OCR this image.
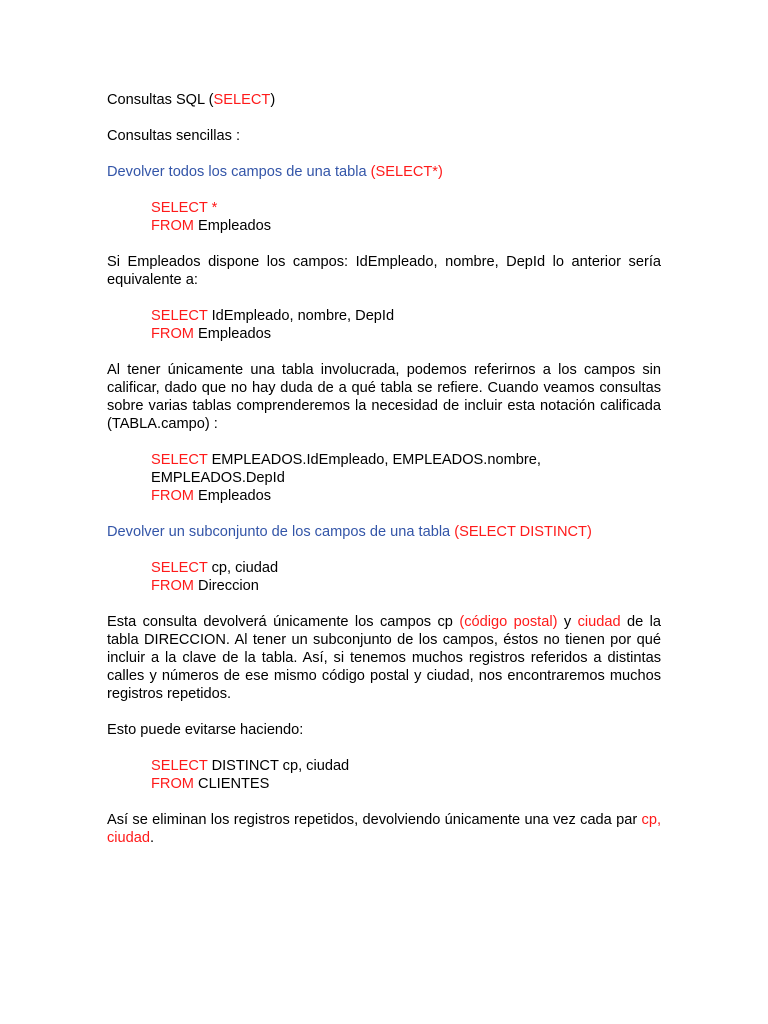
Consultas SQL (SELECT)

Consultas sencillas :

Devolver todos los campos de una tabla (SELECT*)

SELECT *
FROM Empleados

Si Empleados dispone los campos: IdEmpleado, nombre, DepId lo anterior sería equivalente a:

SELECT IdEmpleado, nombre, DepId
FROM Empleados

Al tener únicamente una tabla involucrada, podemos referirnos a los campos sin calificar, dado que no hay duda de a qué tabla se refiere. Cuando veamos consultas sobre varias tablas comprenderemos la necesidad de incluir esta notación calificada (TABLA.campo) :

SELECT EMPLEADOS.IdEmpleado, EMPLEADOS.nombre,
EMPLEADOS.DepId
FROM Empleados

Devolver un subconjunto de los campos de una tabla (SELECT DISTINCT)

SELECT cp, ciudad
FROM Direccion

Esta consulta devolverá únicamente los campos cp (código postal) y ciudad de la tabla DIRECCION. Al tener un subconjunto de los campos, éstos no tienen por qué incluir a la clave de la tabla. Así, si tenemos muchos registros referidos a distintas calles y números de ese mismo código postal y ciudad, nos encontraremos muchos registros repetidos.

Esto puede evitarse haciendo:

SELECT DISTINCT cp, ciudad
FROM CLIENTES

Así se eliminan los registros repetidos, devolviendo únicamente una vez cada par cp, ciudad.
